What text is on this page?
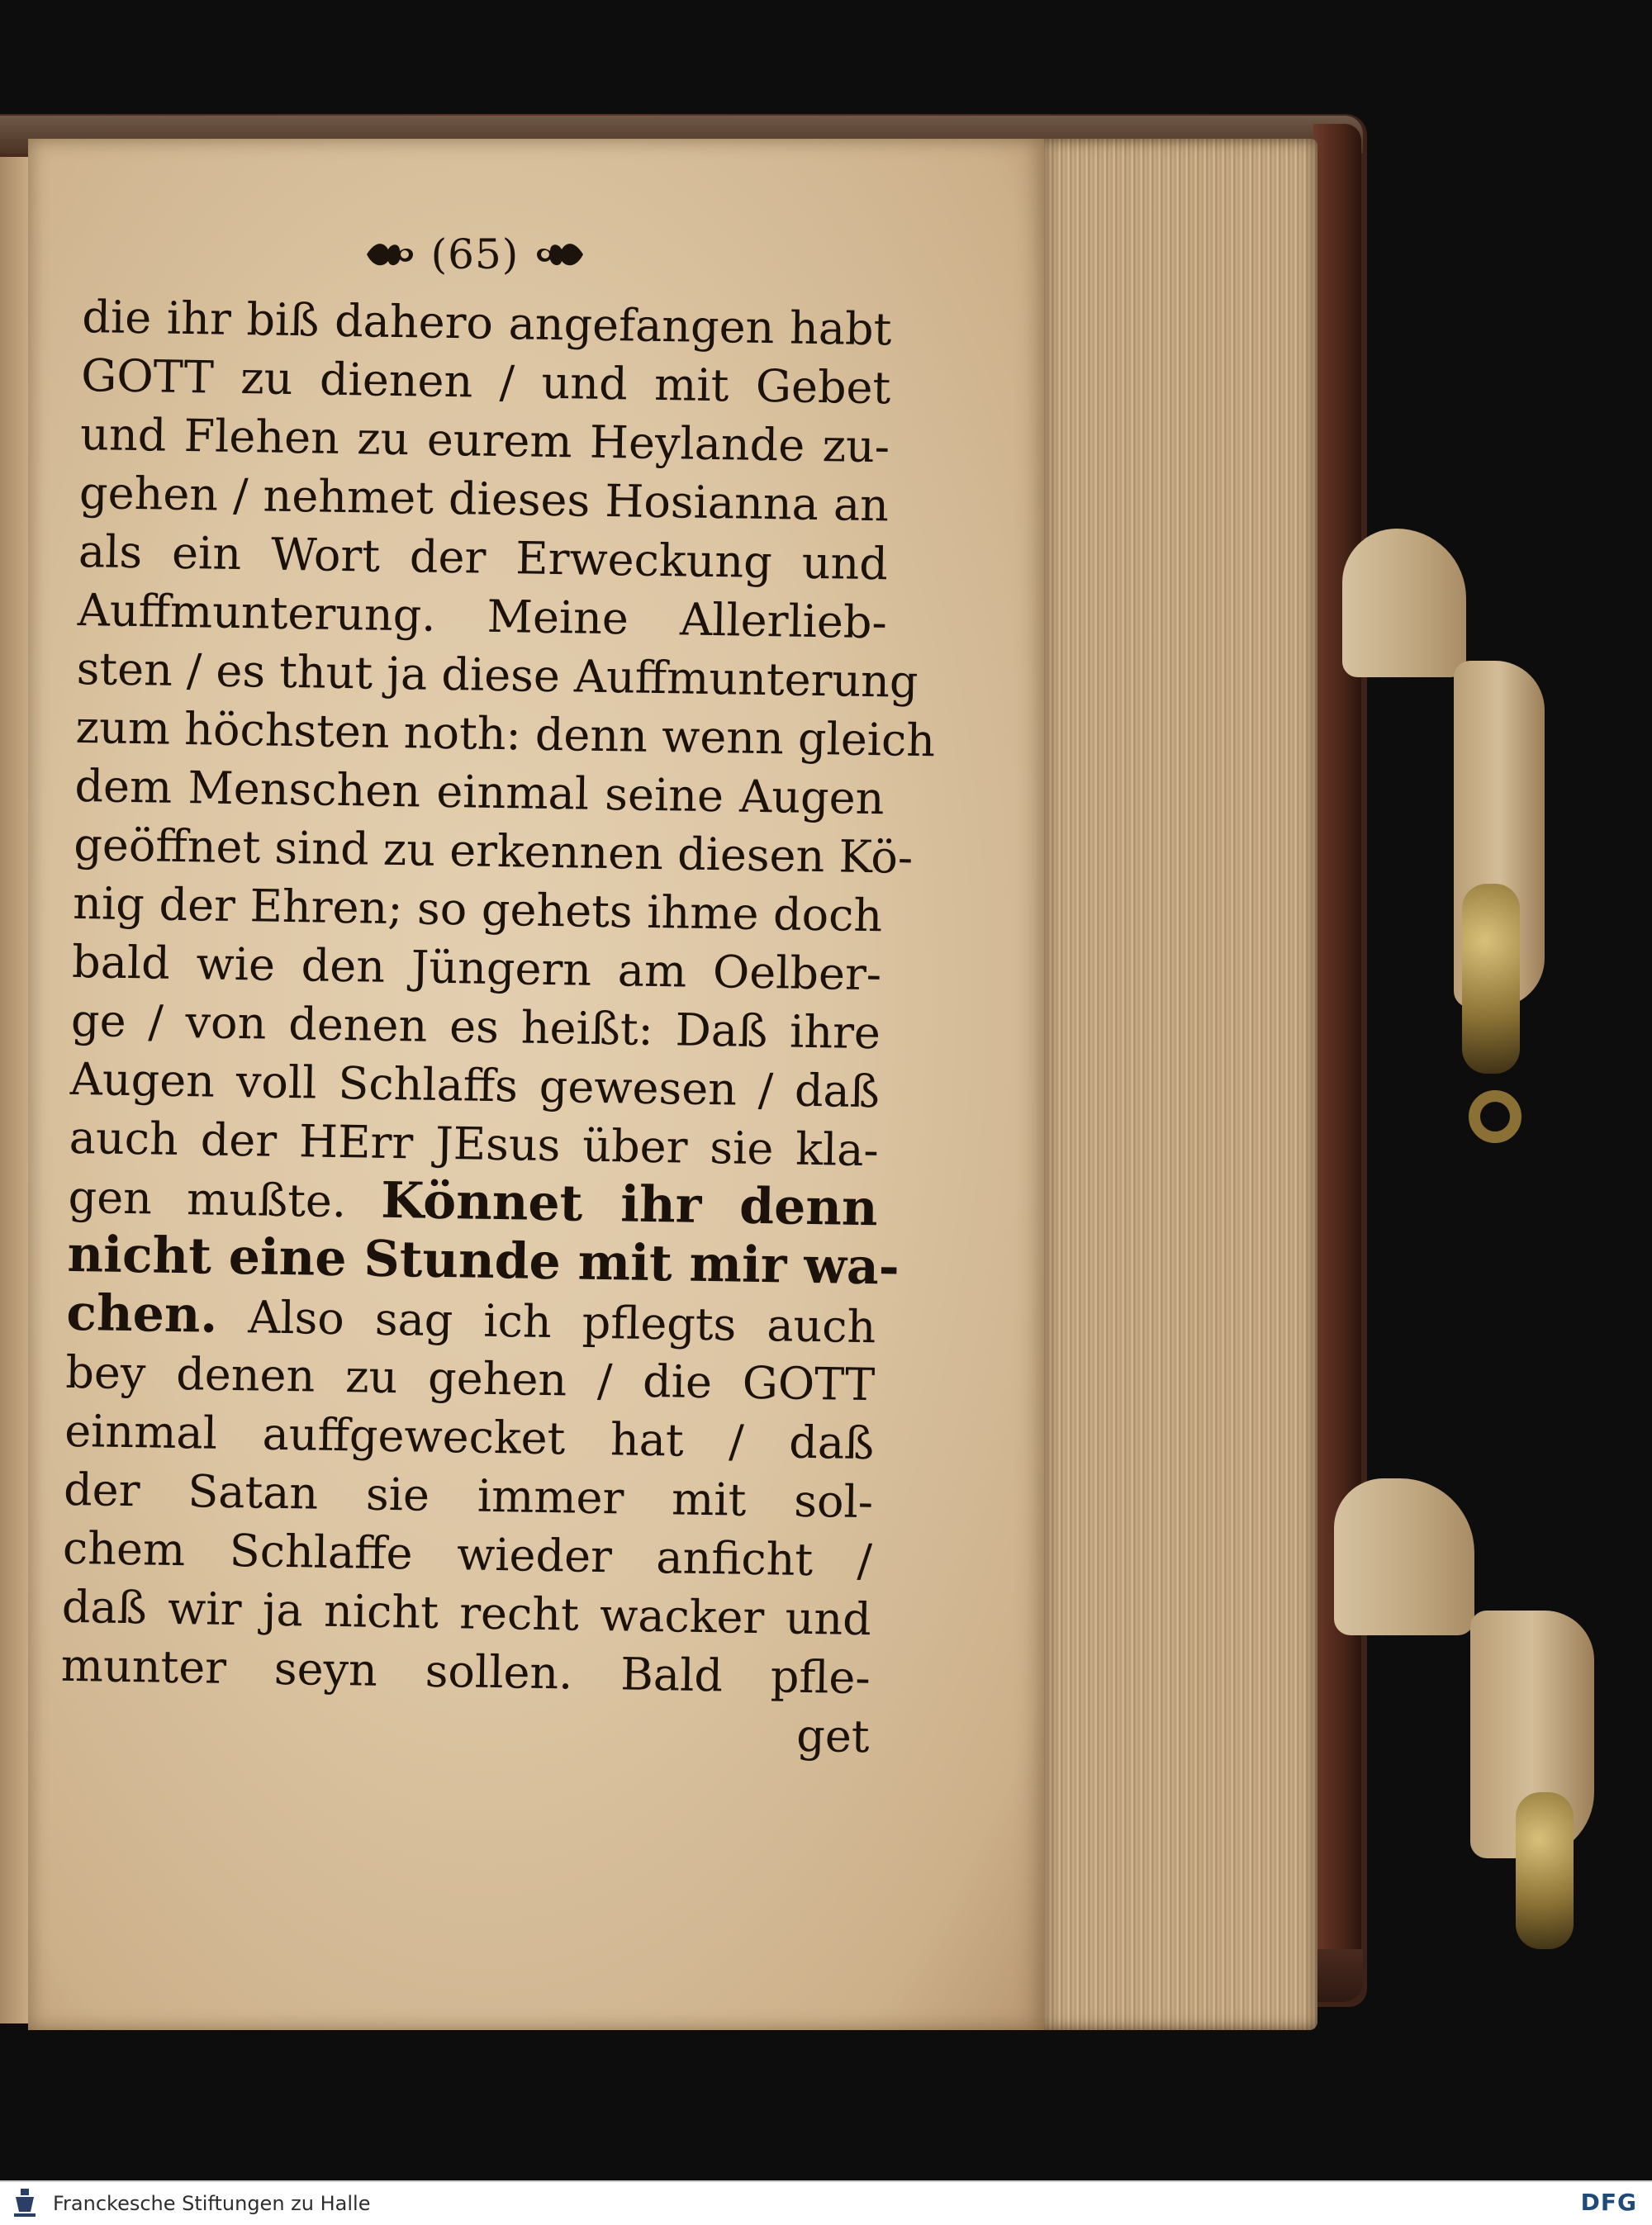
(65)
die ihr biß dahero angefangen habt
GOTT zu dienen / und mit Gebet
und Flehen zu eurem Heylande zu-
gehen / nehmet dieses Hosianna an
als ein Wort der Erweckung und
Auffmunterung. Meine Allerlieb-
sten / es thut ja diese Auffmunterung
zum höchsten noth: denn wenn gleich
dem Menschen einmal seine Augen
geöffnet sind zu erkennen diesen Kö-
nig der Ehren; so gehets ihme doch
bald wie den Jüngern am Oelber-
ge / von denen es heißt: Daß ihre
Augen voll Schlaffs gewesen / daß
auch der HErr JEsus über sie kla-
gen mußte. Könnet ihr denn
nicht eine Stunde mit mir wa-
chen. Also sag ich pflegts auch
bey denen zu gehen / die GOTT
einmal auffgewecket hat / daß
der Satan sie immer mit sol-
chem Schlaffe wieder anficht /
daß wir ja nicht recht wacker und
munter seyn sollen. Bald pfle-
get
Franckesche Stiftungen zu Halle	DFG
